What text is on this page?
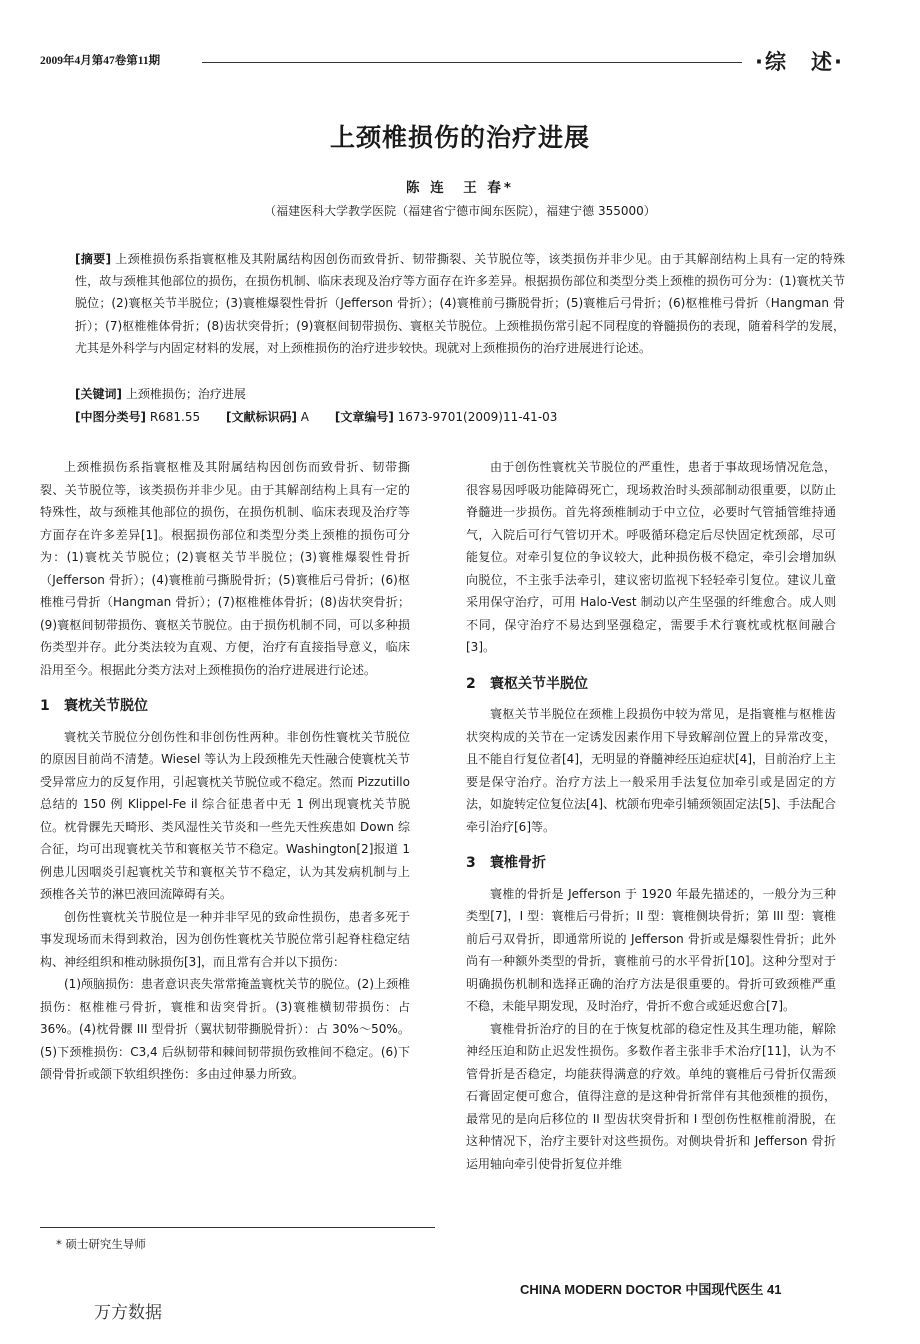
2009年4月第47卷第11期	·综　述·
上颈椎损伤的治疗进展
陈 连　王 春*
（福建医科大学教学医院（福建省宁德市闽东医院），福建宁德 355000）
[摘要] 上颈椎损伤系指寰枢椎及其附属结构因创伤而致骨折、韧带撕裂、关节脱位等，该类损伤并非少见。由于其解剖结构上具有一定的特殊性，故与颈椎其他部位的损伤，在损伤机制、临床表现及治疗等方面存在许多差异。根据损伤部位和类型分类上颈椎的损伤可分为：(1)寰枕关节脱位；(2)寰枢关节半脱位；(3)寰椎爆裂性骨折（Jefferson 骨折）；(4)寰椎前弓撕脱骨折；(5)寰椎后弓骨折；(6)枢椎椎弓骨折（Hangman 骨折）；(7)枢椎椎体骨折；(8)齿状突骨折；(9)寰枢间韧带损伤、寰枢关节脱位。上颈椎损伤常引起不同程度的脊髓损伤的表现，随着科学的发展，尤其是外科学与内固定材料的发展，对上颈椎损伤的治疗进步较快。现就对上颈椎损伤的治疗进展进行论述。
[关键词] 上颈椎损伤；治疗进展
[中图分类号] R681.55 [文献标识码] A [文章编号] 1673-9701(2009)11-41-03

上颈椎损伤系指寰枢椎及其附属结构因创伤而致骨折、韧带撕裂、关节脱位等，该类损伤并非少见。由于其解剖结构上具有一定的特殊性，故与颈椎其他部位的损伤，在损伤机制、临床表现及治疗等方面存在许多差异[1]。根据损伤部位和类型分类上颈椎的损伤可分为：(1)寰枕关节脱位；(2)寰枢关节半脱位；(3)寰椎爆裂性骨折（Jefferson 骨折）；(4)寰椎前弓撕脱骨折；(5)寰椎后弓骨折；(6)枢椎椎弓骨折（Hangman 骨折）；(7)枢椎椎体骨折；(8)齿状突骨折；(9)寰枢间韧带损伤、寰枢关节脱位。由于损伤机制不同，可以多种损伤类型并存。此分类法较为直观、方便，治疗有直接指导意义，临床沿用至今。根据此分类方法对上颈椎损伤的治疗进展进行论述。

1 寰枕关节脱位

寰枕关节脱位分创伤性和非创伤性两种。非创伤性寰枕关节脱位的原因目前尚不清楚。Wiesel 等认为上段颈椎先天性融合使寰枕关节受异常应力的反复作用，引起寰枕关节脱位或不稳定。然而 Pizzutillo 总结的 150 例 Klippel-Fe il 综合征患者中无 1 例出现寰枕关节脱位。枕骨髁先天畸形、类风湿性关节炎和一些先天性疾患如 Down 综合征，均可出现寰枕关节和寰枢关节不稳定。Washington[2]报道 1 例患儿因咽炎引起寰枕关节和寰枢关节不稳定，认为其发病机制与上颈椎各关节的淋巴液回流障碍有关。

创伤性寰枕关节脱位是一种并非罕见的致命性损伤，患者多死于事发现场而未得到救治，因为创伤性寰枕关节脱位常引起脊柱稳定结构、神经组织和椎动脉损伤[3]，而且常有合并以下损伤：

(1)颅脑损伤：患者意识丧失常常掩盖寰枕关节的脱位。(2)上颈椎损伤：枢椎椎弓骨折，寰椎和齿突骨折。(3)寰椎横韧带损伤：占 36%。(4)枕骨髁 III 型骨折（翼状韧带撕脱骨折）：占 30%～50%。(5)下颈椎损伤：C3,4 后纵韧带和棘间韧带损伤致椎间不稳定。(6)下颌骨骨折或颌下软组织挫伤：多由过伸暴力所致。

由于创伤性寰枕关节脱位的严重性，患者于事故现场情况危急，很容易因呼吸功能障碍死亡，现场救治时头颈部制动很重要，以防止脊髓进一步损伤。首先将颈椎制动于中立位，必要时气管插管维持通气，入院后可行气管切开术。呼吸循环稳定后尽快固定枕颈部，尽可能复位。对牵引复位的争议较大，此种损伤极不稳定，牵引会增加纵向脱位，不主张手法牵引，建议密切监视下轻轻牵引复位。建议儿童采用保守治疗，可用 Halo-Vest 制动以产生坚强的纤维愈合。成人则不同，保守治疗不易达到坚强稳定，需要手术行寰枕或枕枢间融合[3]。

2 寰枢关节半脱位

寰枢关节半脱位在颈椎上段损伤中较为常见，是指寰椎与枢椎齿状突构成的关节在一定诱发因素作用下导致解剖位置上的异常改变，且不能自行复位者[4]，无明显的脊髓神经压迫症状[4]，目前治疗上主要是保守治疗。治疗方法上一般采用手法复位加牵引或是固定的方法，如旋转定位复位法[4]、枕颌布兜牵引辅颈领固定法[5]、手法配合牵引治疗[6]等。

3 寰椎骨折

寰椎的骨折是 Jefferson 于 1920 年最先描述的，一般分为三种类型[7]，I 型：寰椎后弓骨折；II 型：寰椎侧块骨折；第 III 型：寰椎前后弓双骨折，即通常所说的 Jefferson 骨折或是爆裂性骨折；此外尚有一种额外类型的骨折，寰椎前弓的水平骨折[10]。这种分型对于明确损伤机制和选择正确的治疗方法是很重要的。骨折可致颈椎严重不稳，未能早期发现，及时治疗，骨折不愈合或延迟愈合[7]。

寰椎骨折治疗的目的在于恢复枕部的稳定性及其生理功能，解除神经压迫和防止迟发性损伤。多数作者主张非手术治疗[11]，认为不管骨折是否稳定，均能获得满意的疗效。单纯的寰椎后弓骨折仅需颈石膏固定便可愈合，值得注意的是这种骨折常伴有其他颈椎的损伤，最常见的是向后移位的 II 型齿状突骨折和 I 型创伤性枢椎前滑脱，在这种情况下，治疗主要针对这些损伤。对侧块骨折和 Jefferson 骨折运用轴向牵引使骨折复位并维

* 硕士研究生导师
CHINA MODERN DOCTOR 中国现代医生 41
万方数据
